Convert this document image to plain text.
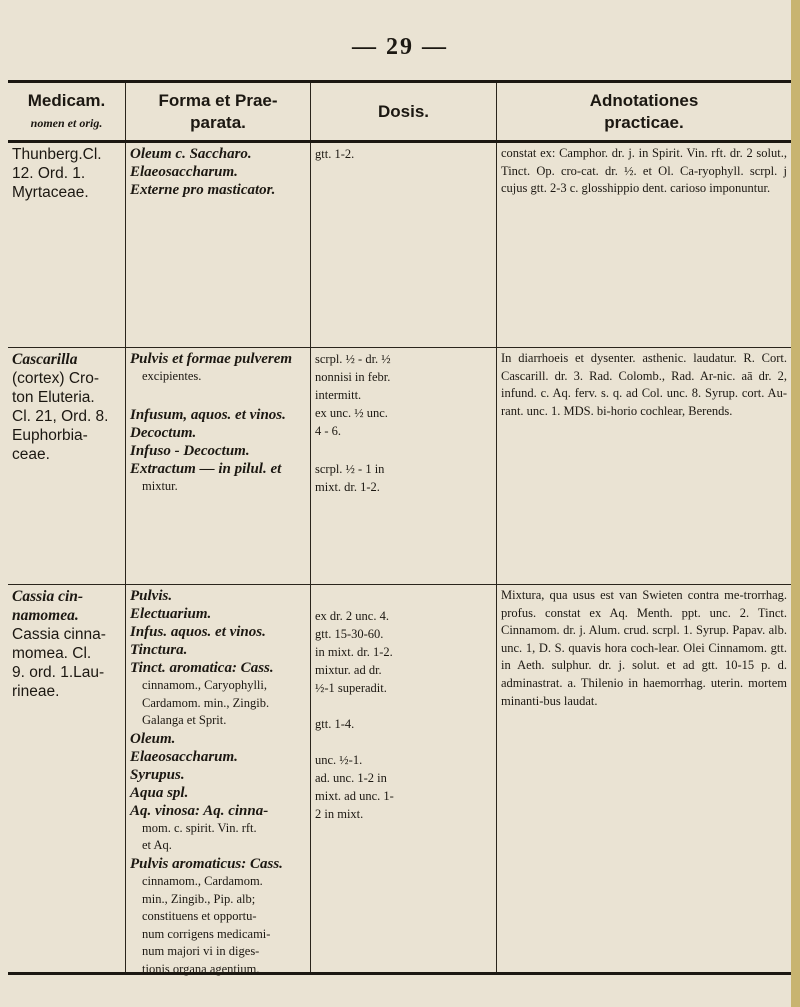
— 29 —
Medicam.
nomen et orig.
Forma et Prae-
parata.
Dosis.
Adnotationes
practicae.
Thunberg.Cl.
12. Ord. 1.
Myrtaceae.
Oleum c. Saccharo.
Elaeosaccharum.
Externe pro masticator.
gtt. 1-2.	constat ex: Camphor. dr. j. in Spirit. Vin. rft. dr. 2 solut., Tinct. Op. cro-cat. dr. ½. et Ol. Ca-ryophyll. scrpl. j cujus gtt. 2-3 c. glosshippio dent. carioso imponuntur.
Cascarilla
(cortex) Cro-
ton Eluteria.
Cl. 21, Ord. 8.
Euphorbia-
ceae.
Pulvis et formae pulverem
excipientes.
Infusum, aquos. et vinos.
Decoctum.
Infuso - Decoctum.
Extractum — in pilul. et
mixtur.
scrpl. ½ - dr. ½
nonnisi in febr.
intermitt.
ex unc. ½ unc.
4 - 6.
scrpl. ½ - 1 in
mixt. dr. 1-2.
In diarrhoeis et dysenter. asthenic. laudatur. R. Cort. Cascarill. dr. 3. Rad. Colomb., Rad. Ar-nic. aā dr. 2, infund. c. Aq. ferv. s. q. ad Col. unc. 8. Syrup. cort. Au-rant. unc. 1. MDS. bi-horio cochlear, Berends.
Cassia cin-
namomea.
Cassia cinna-
momea. Cl.
9. ord. 1.Lau-
rineae.
Pulvis.
Electuarium.
Infus. aquos. et vinos.
Tinctura.
Tinct. aromatica: Cass.
cinnamom., Caryophylli,
Cardamom. min., Zingib.
Galanga et Sprit.
Oleum.
Elaeosaccharum.
Syrupus.
Aqua spl.
Aq. vinosa: Aq. cinna-
mom. c. spirit. Vin. rft.
et Aq.
Pulvis aromaticus: Cass.
cinnamom., Cardamom.
min., Zingib., Pip. alb;
constituens et opportu-
num corrigens medicami-
num majori vi in diges-
tionis organa agentium.
ex dr. 2 unc. 4.
gtt. 15-30-60.
in mixt. dr. 1-2.
mixtur. ad dr.
½-1 superadit.
gtt. 1-4.
unc. ½-1.
ad. unc. 1-2 in
mixt. ad unc. 1-
2 in mixt.
Mixtura, qua usus est van Swieten contra me-trorrhag. profus. constat ex Aq. Menth. ppt. unc. 2. Tinct. Cinnamom. dr. j. Alum. crud. scrpl. 1. Syrup. Papav. alb. unc. 1, D. S. quavis hora coch-lear. Olei Cinnamom. gtt. in Aeth. sulphur. dr. j. solut. et ad gtt. 10-15 p. d. adminastrat. a. Thilenio in haemorrhag. uterin. mortem minanti-bus laudat.
